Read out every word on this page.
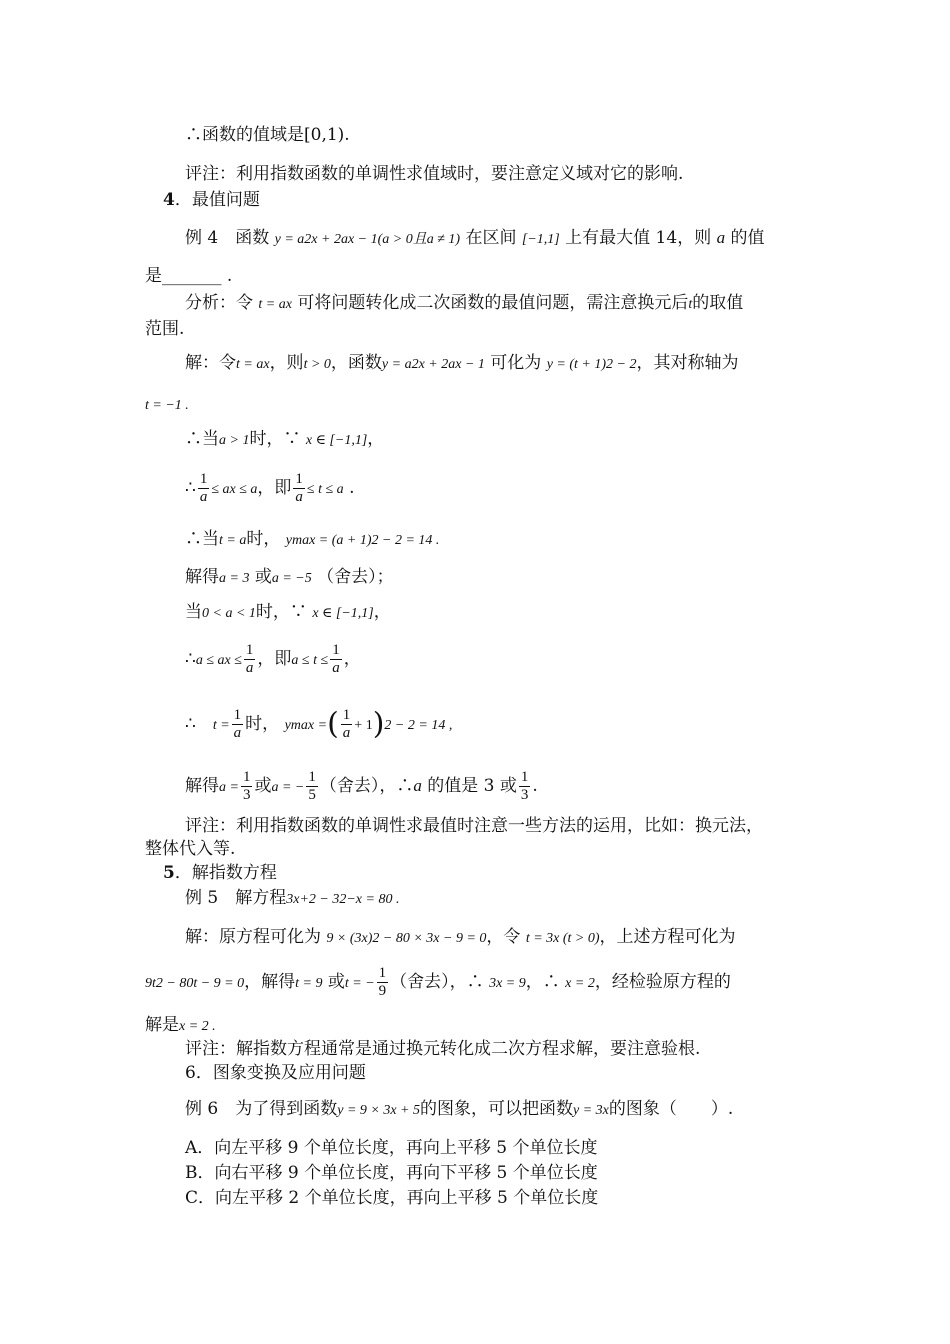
∴函数的值域是[0,1).
评注：利用指数函数的单调性求值域时，要注意定义域对它的影响.
4．最值问题
例 4　函数 y = a2x + 2ax − 1(a > 0且a ≠ 1) 在区间 [−1,1] 上有最大值 14，则 a 的值
是_______ .
分析：令 t = ax 可将问题转化成二次函数的最值问题，需注意换元后t的取值
范围.
解：令t = ax，则t > 0，函数y = a2x + 2ax − 1 可化为 y = (t + 1)2 − 2，其对称轴为
t = −1 .
∴当a > 1时，∵ x ∈ [−1,1]，
∴ $\frac{1}{a}$ ≤ ax ≤ a，即 $\frac{1}{a} \le t \le a$ .
∴当t = a时， ymax = (a + 1)2 − 2 = 14 .
解得a = 3 或a = −5 （舍去）；
当0 < a < 1时，∵ x ∈ [−1,1]，
∴a ≤ ax ≤ $\frac{1}{a}$ ，即$a \le t \le \frac{1}{a}$ ，
∴　 $t = \frac{1}{a}$ 时， ymax =( $\frac{1}{a} + 1)2 - 2 = 14$ ,
解得$a = \frac{1}{3}$ 或a = − $\frac{1}{5}$ （舍去），∴a 的值是 3 或 $\frac{1}{3}$ .
评注：利用指数函数的单调性求最值时注意一些方法的运用，比如：换元法，
整体代入等.
5．解指数方程
例 5　解方程3x+2 − 32−x = 80 .
解：原方程可化为 9 × (3x)2 − 80 × 3x − 9 = 0，令 t = 3x (t > 0)，上述方程可化为
9t2 − 80t − 9 = 0，解得t = 9 或t = − $\frac{1}{9}$ （舍去），∴ 3x = 9，∴ x = 2，经检验原方程的
解是x = 2 .
评注：解指数方程通常是通过换元转化成二次方程求解，要注意验根.
6．图象变换及应用问题
例 6　为了得到函数y = 9 × 3x + 5的图象，可以把函数y = 3x的图象（　　）.
A．向左平移 9 个单位长度，再向上平移 5 个单位长度
B．向右平移 9 个单位长度，再向下平移 5 个单位长度
C．向左平移 2 个单位长度，再向上平移 5 个单位长度
